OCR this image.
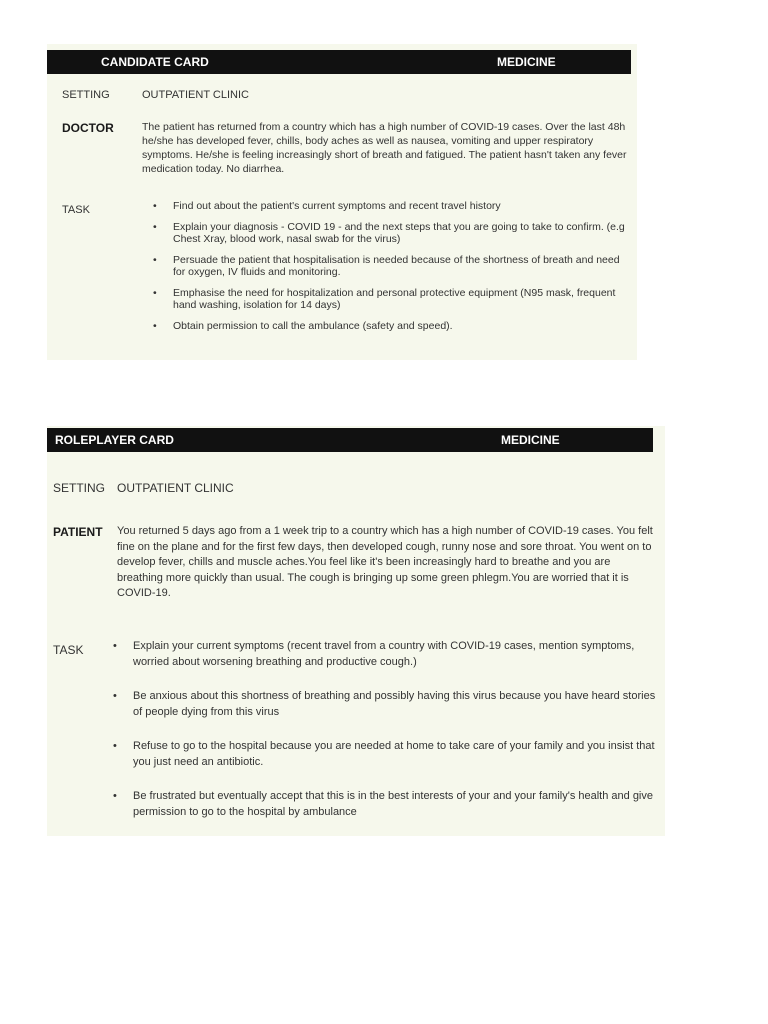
CANDIDATE CARD	MEDICINE
SETTING	OUTPATIENT CLINIC
DOCTOR	The patient has returned from a country which has a high number of COVID-19 cases. Over the last 48h he/she has developed fever, chills, body aches as well as nausea, vomiting and upper respiratory symptoms. He/she is feeling increasingly short of breath and fatigued. The patient hasn't taken any fever medication today. No diarrhea.
TASK	• Find out about the patient's current symptoms and recent travel history
• Explain your diagnosis - COVID 19 - and the next steps that you are going to take to confirm. (e.g Chest Xray, blood work, nasal swab for the virus)
• Persuade the patient that hospitalisation is needed because of the shortness of breath and need for oxygen, IV fluids and monitoring.
• Emphasise the need for hospitalization and personal protective equipment (N95 mask, frequent hand washing, isolation for 14 days)
• Obtain permission to call the ambulance (safety and speed).
ROLEPLAYER CARD	MEDICINE
SETTING OUTPATIENT CLINIC
PATIENT You returned 5 days ago from a 1 week trip to a country which has a high number of COVID-19 cases. You felt fine on the plane and for the first few days, then developed cough, runny nose and sore throat. You went on to develop fever, chills and muscle aches.You feel like it's been increasingly hard to breathe and you are breathing more quickly than usual. The cough is bringing up some green phlegm.You are worried that it is COVID-19.
TASK	• Explain your current symptoms (recent travel from a country with COVID-19 cases, mention symptoms, worried about worsening breathing and productive cough.)
• Be anxious about this shortness of breathing and possibly having this virus because you have heard stories of people dying from this virus
• Refuse to go to the hospital because you are needed at home to take care of your family and you insist that you just need an antibiotic.
• Be frustrated but eventually accept that this is in the best interests of your and your family's health and give permission to go to the hospital by ambulance
